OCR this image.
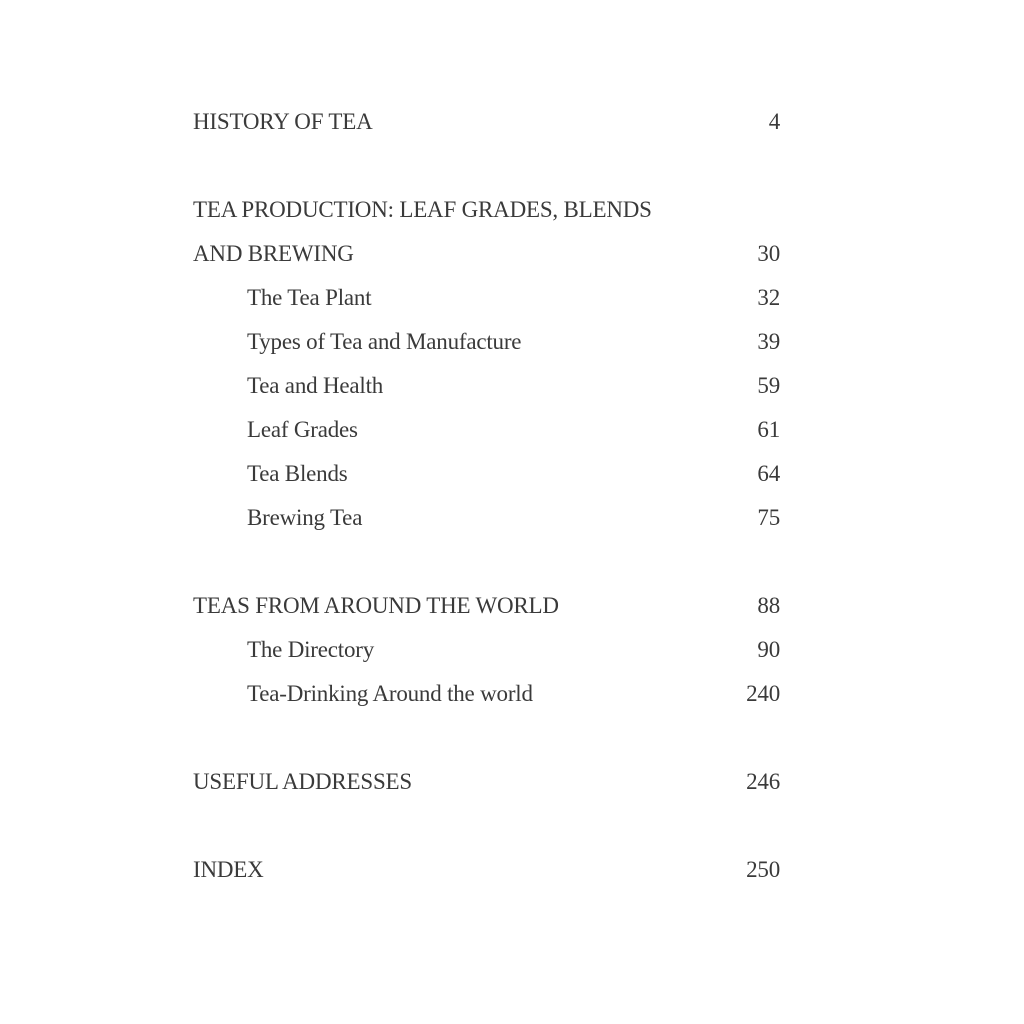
HISTORY OF TEA	4
TEA PRODUCTION: LEAF GRADES, BLENDS
AND BREWING	30
The Tea Plant	32
Types of Tea and Manufacture	39
Tea and Health	59
Leaf Grades	61
Tea Blends	64
Brewing Tea	75
TEAS FROM AROUND THE WORLD	88
The Directory	90
Tea-Drinking Around the world	240
USEFUL ADDRESSES	246
INDEX	250
